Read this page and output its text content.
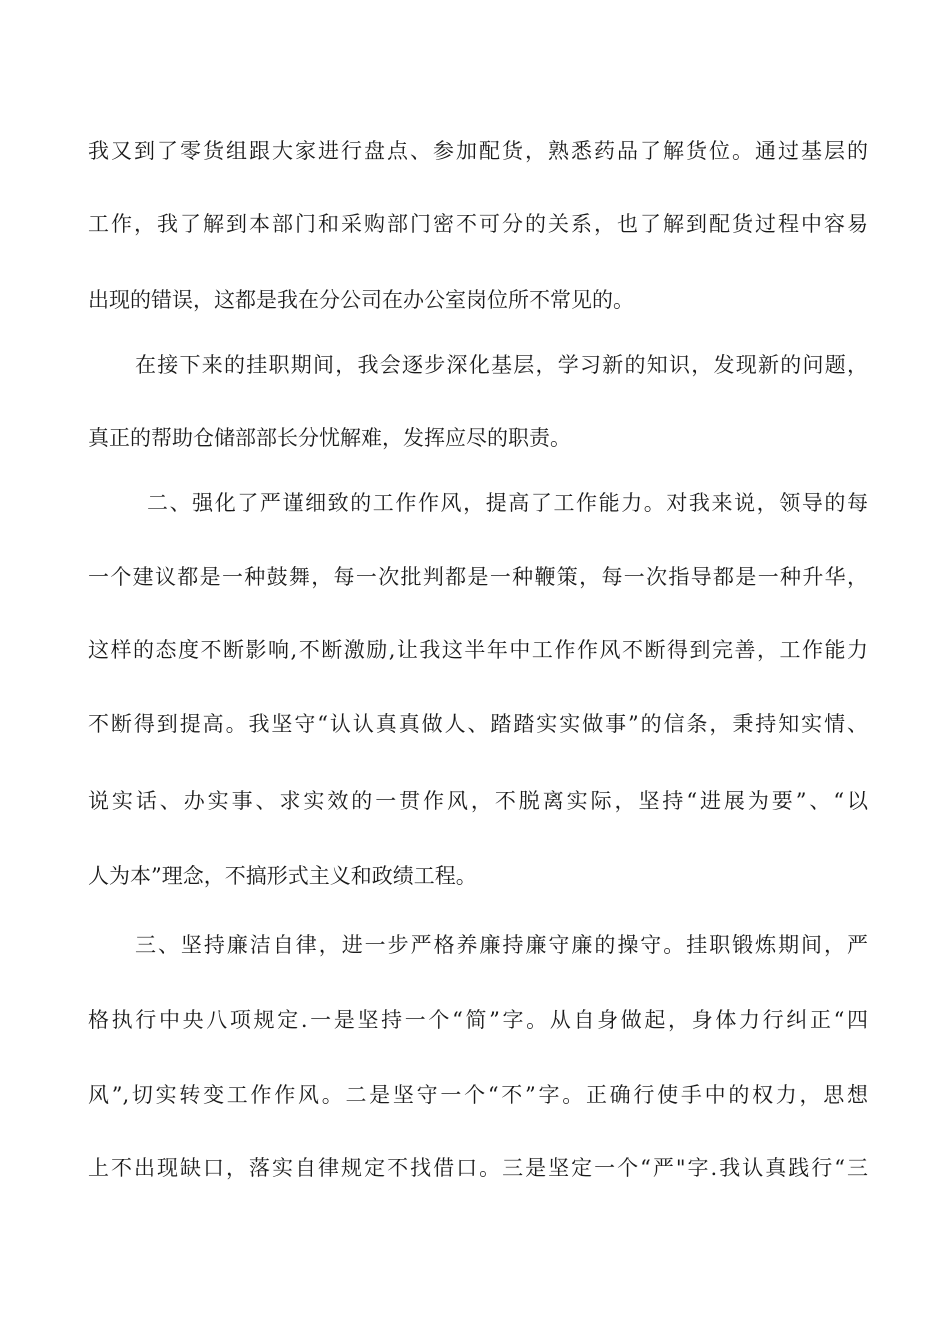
我又到了零货组跟大家进行盘点、参加配货，熟悉药品了解货位。通过基层的
工作，我了解到本部门和采购部门密不可分的关系，也了解到配货过程中容易
出现的错误，这都是我在分公司在办公室岗位所不常见的。
在接下来的挂职期间，我会逐步深化基层，学习新的知识，发现新的问题，
真正的帮助仓储部部长分忧解难，发挥应尽的职责。
二、强化了严谨细致的工作作风，提高了工作能力。对我来说，领导的每
一个建议都是一种鼓舞，每一次批判都是一种鞭策，每一次指导都是一种升华，
这样的态度不断影响,不断激励,让我这半年中工作作风不断得到完善，工作能力
不断得到提高。我坚守“认认真真做人、踏踏实实做事”的信条，秉持知实情、
说实话、办实事、求实效的一贯作风，不脱离实际，坚持“进展为要”、“以
人为本”理念，不搞形式主义和政绩工程。
三、坚持廉洁自律，进一步严格养廉持廉守廉的操守。挂职锻炼期间，严
格执行中央八项规定.一是坚持一个“简”字。从自身做起，身体力行纠正“四
风”,切实转变工作作风。二是坚守一个“不”字。正确行使手中的权力，思想
上不出现缺口，落实自律规定不找借口。三是坚定一个“严"字.我认真践行“三
